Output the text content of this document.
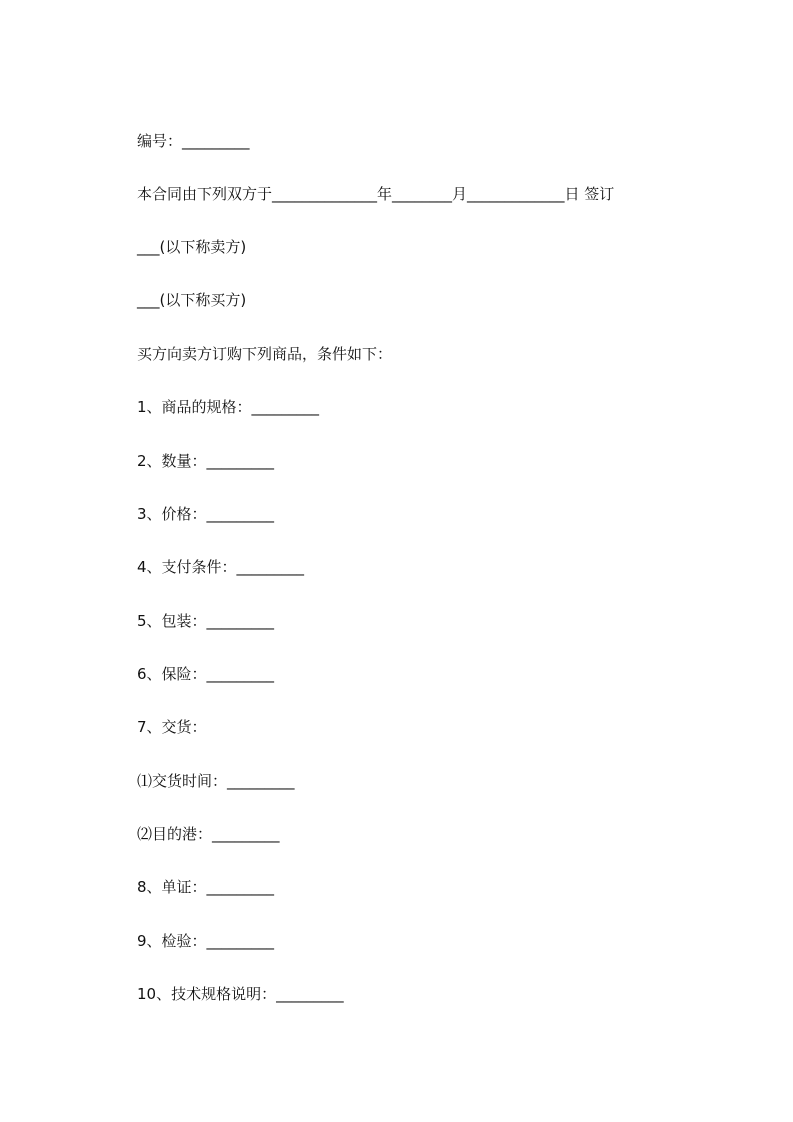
编号：_________
本合同由下列双方于______________年________月_____________日 签订
___(以下称卖方)
___(以下称买方)
买方向卖方订购下列商品，条件如下：
1、商品的规格：_________
2、数量：_________
3、价格：_________
4、支付条件：_________
5、包装：_________
6、保险：_________
7、交货：
⑴交货时间：_________
⑵目的港：_________
8、单证：_________
9、检验：_________
10、技术规格说明：_________
